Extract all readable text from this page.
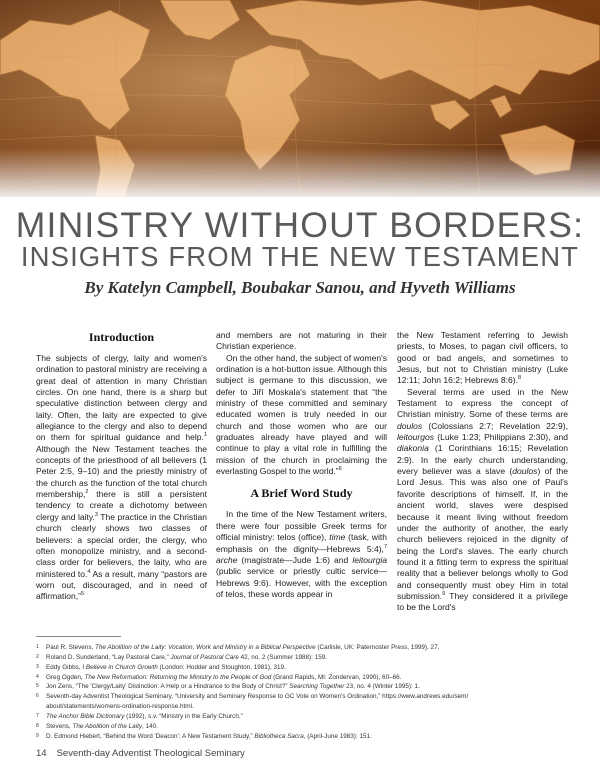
MINISTRY WITHOUT BORDERS:
INSIGHTS FROM THE NEW TESTAMENT

By Katelyn Campbell, Boubakar Sanou, and Hyveth Williams

Introduction

The subjects of clergy, laity and women's ordination to pastoral ministry are receiving a great deal of attention in many Christian circles. On one hand, there is a sharp but speculative distinction between clergy and laity. Often, the laity are expected to give allegiance to the clergy and also to depend on them for spiritual guidance and help.$^1$ Although the New Testament teaches the concepts of the priesthood of all believers (1 Peter 2:5, 9–10) and the priestly ministry of the church as the function of the total church membership,$^2$ there is still a persistent tendency to create a dichotomy between clergy and laity.$^3$ The practice in the Christian church clearly shows two classes of believers: a special order, the clergy, who often monopolize ministry, and a second-class order for believers, the laity, who are ministered to.$^4$ As a result, many “pastors are worn out, discouraged, and in need of affirmation,”$^5$

and members are not maturing in their Christian experience.

On the other hand, the subject of women's ordination is a hot-button issue. Although this subject is germane to this discussion, we defer to Jiří Moskala's statement that “the ministry of these committed and seminary educated women is truly needed in our church and those women who are our graduates already have played and will continue to play a vital role in fulfilling the mission of the church in proclaiming the everlasting Gospel to the world.”$^6$

A Brief Word Study

In the time of the New Testament writers, there were four possible Greek terms for official ministry: telos (office), time (task, with emphasis on the dignity—Hebrews 5:4),$^7$ arche (magistrate—Jude 1:6) and leitourgia (public service or priestly cultic service—Hebrews 9:6). However, with the exception of telos, these words appear in

the New Testament referring to Jewish priests, to Moses, to pagan civil officers, to good or bad angels, and sometimes to Jesus, but not to Christian ministry (Luke 12:11; John 16:2; Hebrews 8:6).$^8$

Several terms are used in the New Testament to express the concept of Christian ministry. Some of these terms are doulos (Colossians 2:7; Revelation 22:9), leitourgos (Luke 1:23; Philippians 2:30), and diakonia (1 Corinthians 16:15; Revelation 2:9). In the early church understanding, every believer was a slave (doulos) of the Lord Jesus. This was also one of Paul's favorite descriptions of himself. If, in the ancient world, slaves were despised because it meant living without freedom under the authority of another, the early church believers rejoiced in the dignity of being the Lord's slaves. The early church found it a fitting term to express the spiritual reality that a believer belongs wholly to God and consequently must obey Him in total submission.$^9$ They considered it a privilege to be the Lord's

1	Paul R. Stevens, The Abolition of the Laity: Vocation, Work and Ministry in a Biblical Perspective (Carlisle, UK: Paternoster Press, 1999), 27.
2	Roland D. Sunderland, “Lay Pastoral Care,” Journal of Pastoral Care 42, no. 2 (Summer 1988): 159.
3	Eddy Gibbs, I Believe in Church Growth (London: Hodder and Stoughton, 1981), 319.
4	Greg Ogden, The New Reformation: Returning the Ministry to the People of God (Grand Rapids, MI: Zondervan, 1990), 60–66.
5	Jon Zens, “The 'Clergy/Laity' Distinction: A Help or a Hindrance to the Body of Christ?” Searching Together 23, no. 4 (Winter 1995): 1.
6	Seventh-day Adventist Theological Seminary, “University and Seminary Response to GC Vote on Women's Ordination,” https://www.andrews.edu/sem/
about/statements/womens-ordination-response.html.
7	The Anchor Bible Dictionary (1992), s.v. “Ministry in the Early Church.”
8	Stevens, The Abolition of the Laity, 140.
9	D. Edmond Hiebert, “Behind the Word 'Deacon': A New Testament Study,” Bibliotheca Sacra, (April-June 1983): 151.
14 Seventh-day Adventist Theological Seminary
